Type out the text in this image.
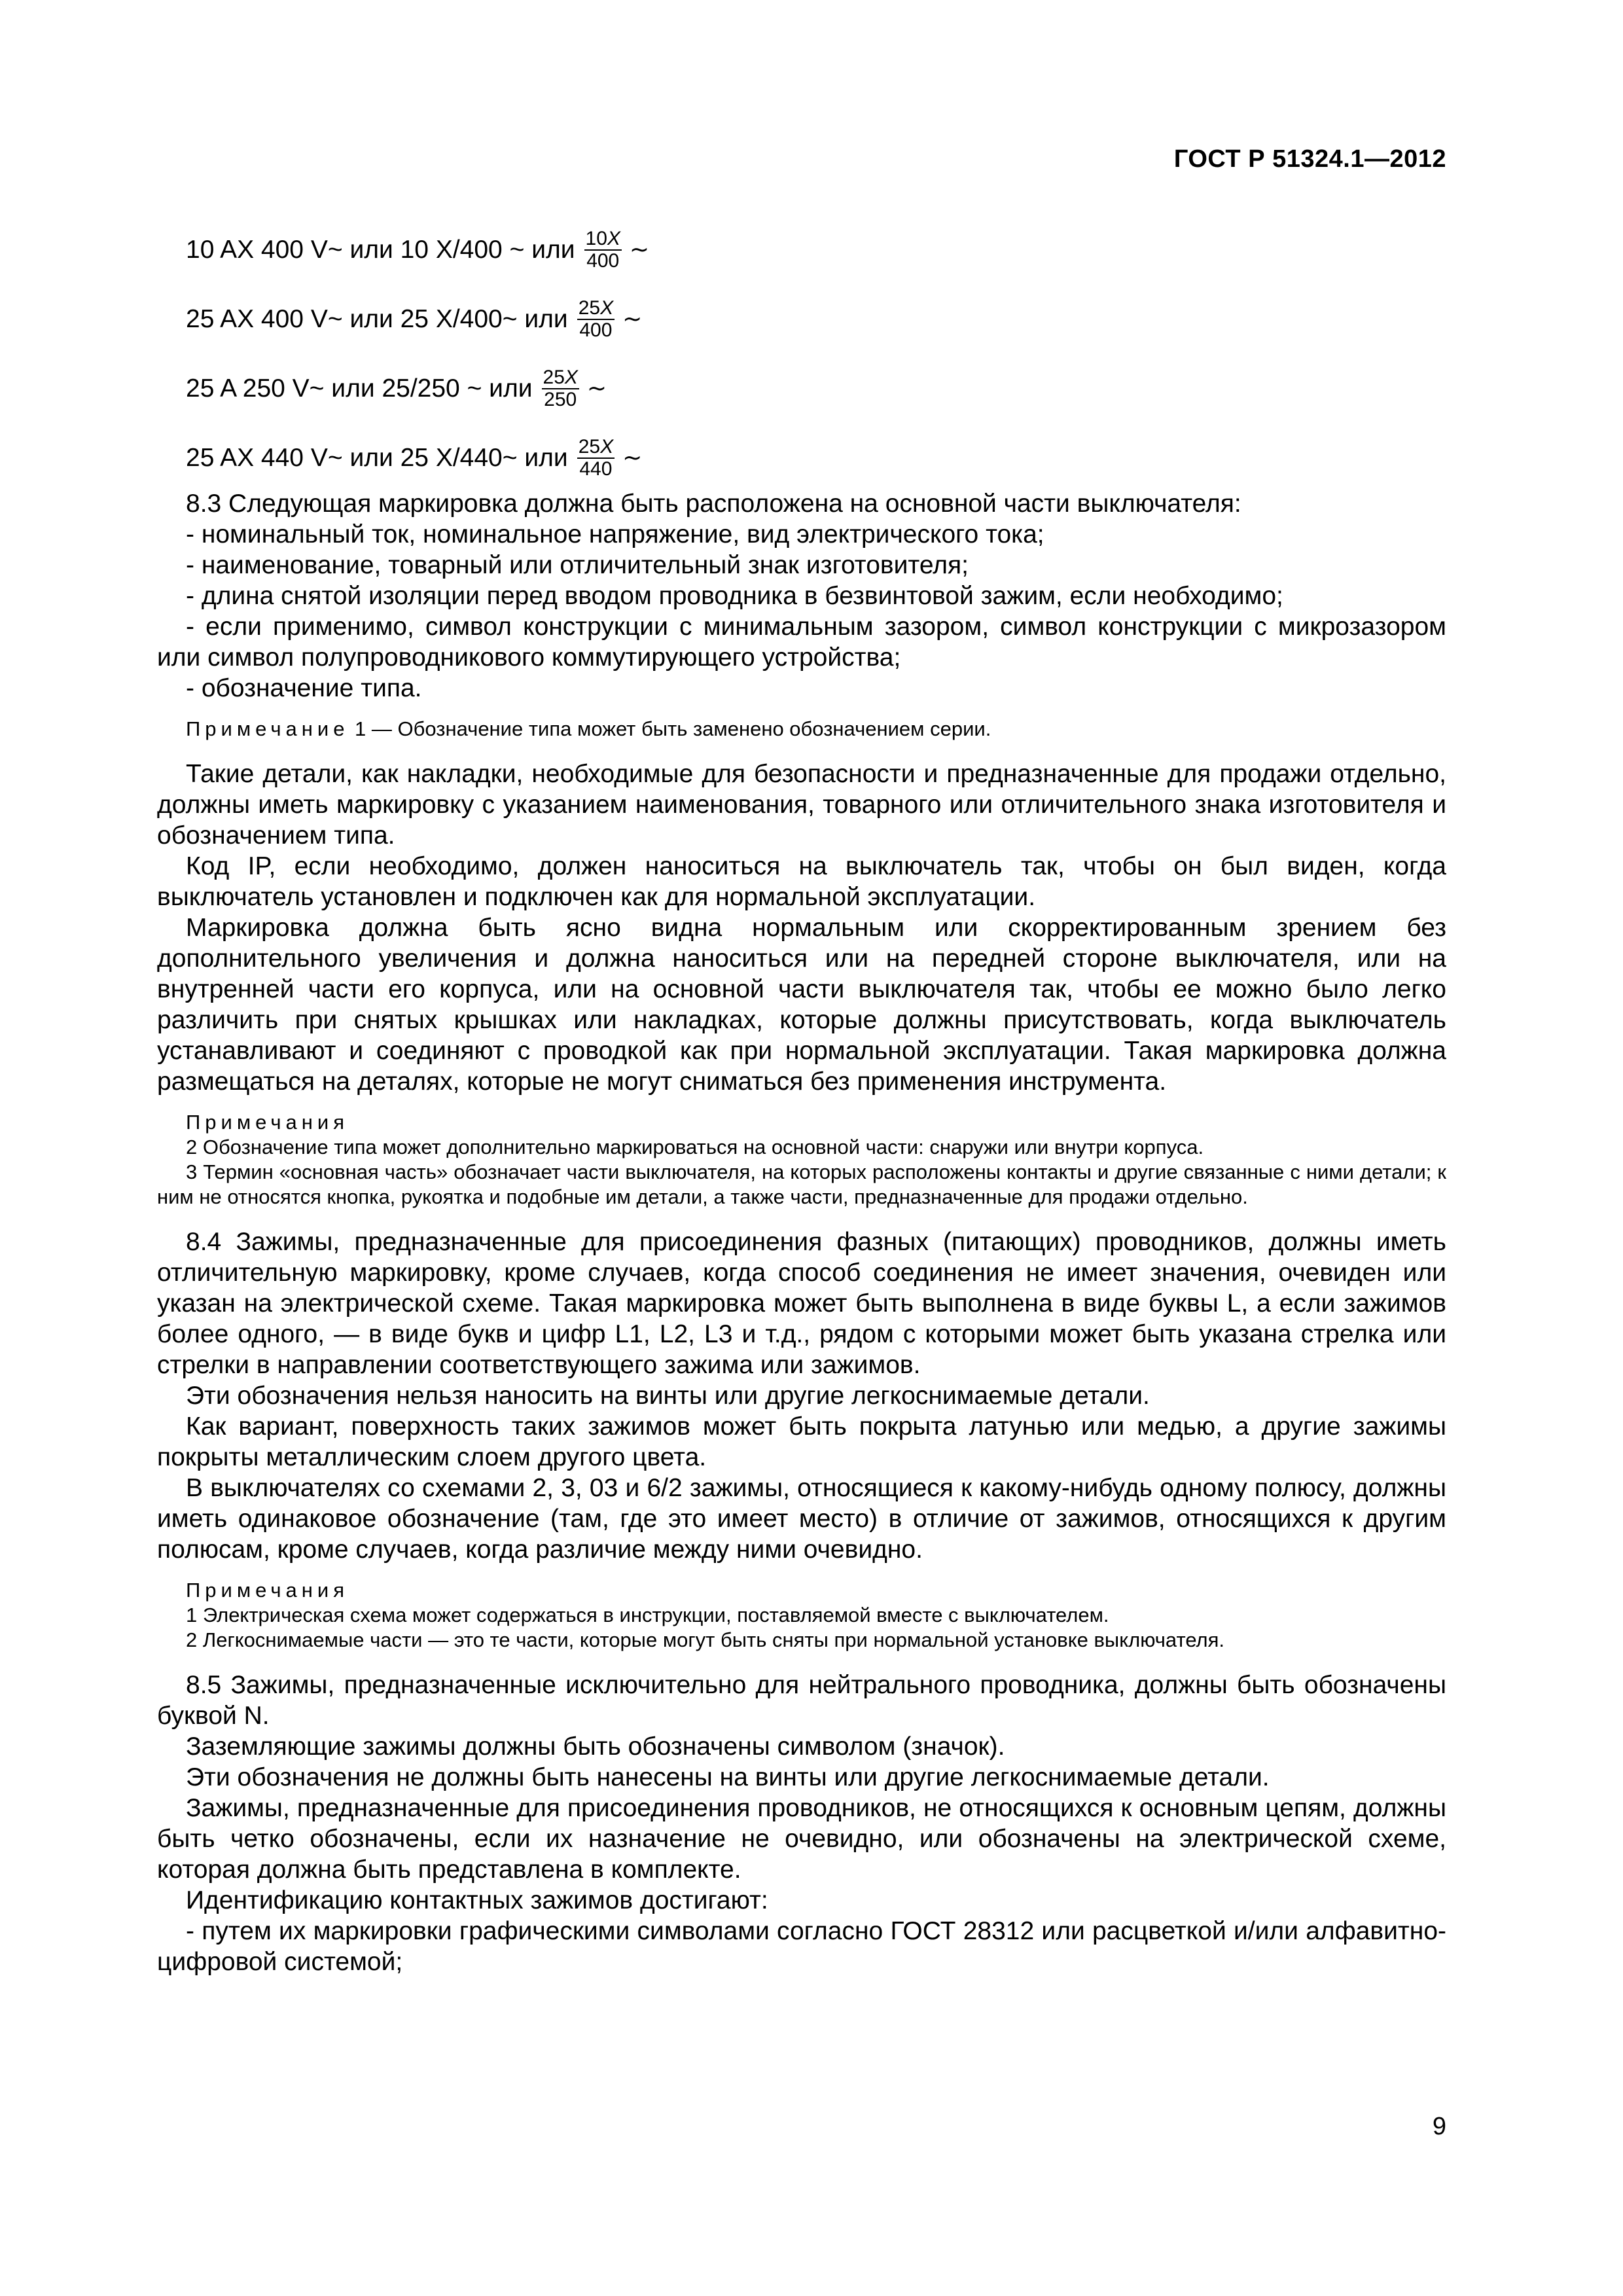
ГОСТ Р 51324.1—2012
10 AX 400 V~ или 10 X/400 ~ или $\frac{10X}{400}$ ~
25 AX 400 V~ или 25 X/400~ или $\frac{25X}{400}$ ~
25 A 250 V~ или 25/250 ~ или $\frac{25X}{250}$ ~
25 AX 440 V~ или 25 X/440~ или $\frac{25X}{440}$ ~

8.3 Следующая маркировка должна быть расположена на основной части выключателя:

- номинальный ток, номинальное напряжение, вид электрического тока;

- наименование, товарный или отличительный знак изготовителя;

- длина снятой изоляции перед вводом проводника в безвинтовой зажим, если необходимо;

- если применимо, символ конструкции с минимальным зазором, символ конструкции с микрозазором или символ полупроводникового коммутирующего устройства;

- обозначение типа.

Примечание 1 — Обозначение типа может быть заменено обозначением серии.

Такие детали, как накладки, необходимые для безопасности и предназначенные для продажи отдельно, должны иметь маркировку с указанием наименования, товарного или отличительного знака изготовителя и обозначением типа.

Код IP, если необходимо, должен наноситься на выключатель так, чтобы он был виден, когда выключатель установлен и подключен как для нормальной эксплуатации.

Маркировка должна быть ясно видна нормальным или скорректированным зрением без дополнительного увеличения и должна наноситься или на передней стороне выключателя, или на внутренней части его корпуса, или на основной части выключателя так, чтобы ее можно было легко различить при снятых крышках или накладках, которые должны присутствовать, когда выключатель устанавливают и соединяют с проводкой как при нормальной эксплуатации. Такая маркировка должна размещаться на деталях, которые не могут сниматься без применения инструмента.

Примечания
2 Обозначение типа может дополнительно маркироваться на основной части: снаружи или внутри корпуса.
3 Термин «основная часть» обозначает части выключателя, на которых расположены контакты и другие связанные с ними детали; к ним не относятся кнопка, рукоятка и подобные им детали, а также части, предназначенные для продажи отдельно.

8.4 Зажимы, предназначенные для присоединения фазных (питающих) проводников, должны иметь отличительную маркировку, кроме случаев, когда способ соединения не имеет значения, очевиден или указан на электрической схеме. Такая маркировка может быть выполнена в виде буквы L, а если зажимов более одного, — в виде букв и цифр L1, L2, L3 и т.д., рядом с которыми может быть указана стрелка или стрелки в направлении соответствующего зажима или зажимов.

Эти обозначения нельзя наносить на винты или другие легкоснимаемые детали.

Как вариант, поверхность таких зажимов может быть покрыта латунью или медью, а другие зажимы покрыты металлическим слоем другого цвета.

В выключателях со схемами 2, 3, 03 и 6/2 зажимы, относящиеся к какому-нибудь одному полюсу, должны иметь одинаковое обозначение (там, где это имеет место) в отличие от зажимов, относящихся к другим полюсам, кроме случаев, когда различие между ними очевидно.

Примечания
1 Электрическая схема может содержаться в инструкции, поставляемой вместе с выключателем.
2 Легкоснимаемые части — это те части, которые могут быть сняты при нормальной установке выключателя.

8.5 Зажимы, предназначенные исключительно для нейтрального проводника, должны быть обозначены буквой N.

Заземляющие зажимы должны быть обозначены символом (значок).

Эти обозначения не должны быть нанесены на винты или другие легкоснимаемые детали.

Зажимы, предназначенные для присоединения проводников, не относящихся к основным цепям, должны быть четко обозначены, если их назначение не очевидно, или обозначены на электрической схеме, которая должна быть представлена в комплекте.

Идентификацию контактных зажимов достигают:

- путем их маркировки графическими символами согласно ГОСТ 28312 или расцветкой и/или алфавитно-цифровой системой;

9
